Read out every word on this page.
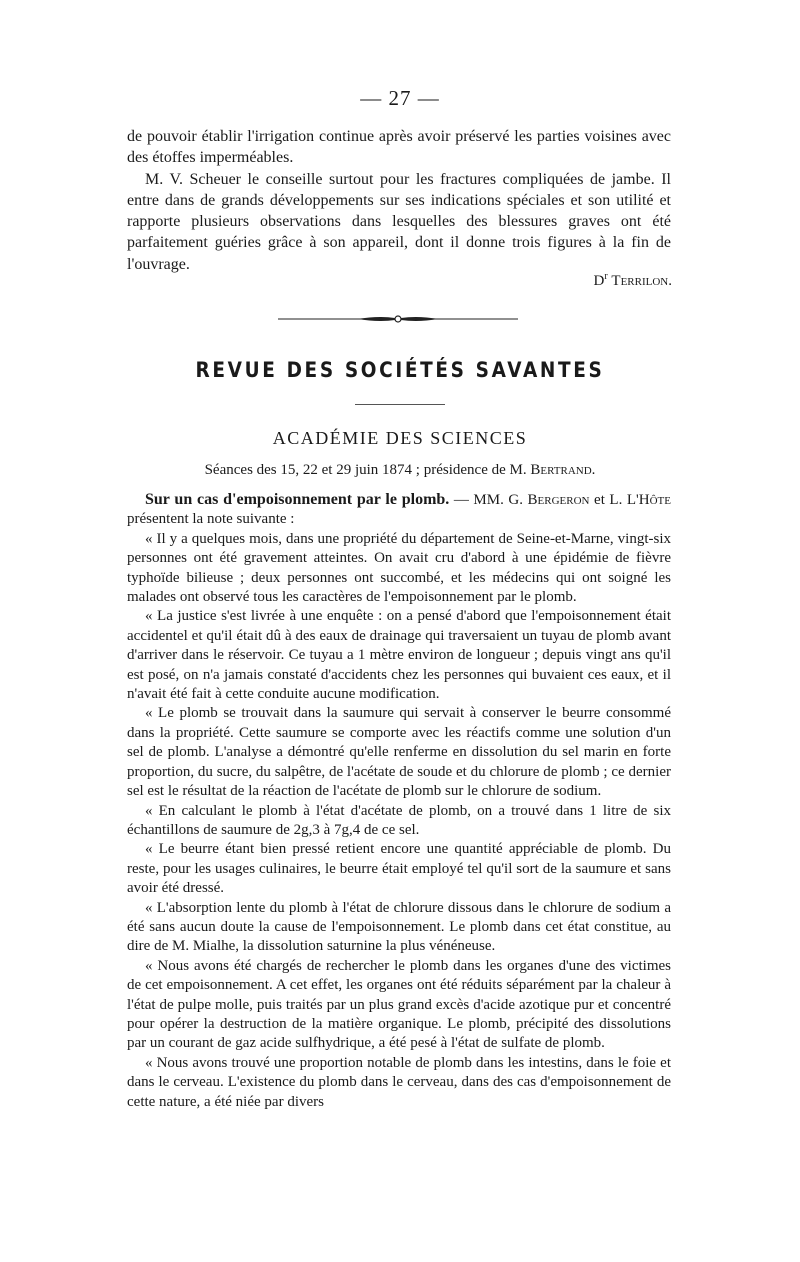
— 27 —

de pouvoir établir l'irrigation continue après avoir préservé les parties voisines avec des étoffes imperméables.

M. V. Scheuer le conseille surtout pour les fractures compliquées de jambe. Il entre dans de grands développements sur ses indications spéciales et son utilité et rapporte plusieurs observations dans lesquelles des blessures graves ont été parfaitement guéries grâce à son appareil, dont il donne trois figures à la fin de l'ouvrage.

$D^r$ Terrilon.
REVUE DES SOCIÉTÉS SAVANTES
ACADÉMIE DES SCIENCES
Séances des 15, 22 et 29 juin 1874 ; présidence de M. Bertrand.

Sur un cas d'empoisonnement par le plomb. — MM. G. Bergeron et L. L'Hôte présentent la note suivante :

« Il y a quelques mois, dans une propriété du département de Seine-et-Marne, vingt-six personnes ont été gravement atteintes. On avait cru d'abord à une épidémie de fièvre typhoïde bilieuse ; deux personnes ont succombé, et les médecins qui ont soigné les malades ont observé tous les caractères de l'empoisonnement par le plomb.

« La justice s'est livrée à une enquête : on a pensé d'abord que l'empoisonnement était accidentel et qu'il était dû à des eaux de drainage qui traversaient un tuyau de plomb avant d'arriver dans le réservoir. Ce tuyau a 1 mètre environ de longueur ; depuis vingt ans qu'il est posé, on n'a jamais constaté d'accidents chez les personnes qui buvaient ces eaux, et il n'avait été fait à cette conduite aucune modification.

« Le plomb se trouvait dans la saumure qui servait à conserver le beurre consommé dans la propriété. Cette saumure se comporte avec les réactifs comme une solution d'un sel de plomb. L'analyse a démontré qu'elle renferme en dissolution du sel marin en forte proportion, du sucre, du salpêtre, de l'acétate de soude et du chlorure de plomb ; ce dernier sel est le résultat de la réaction de l'acétate de plomb sur le chlorure de sodium.

« En calculant le plomb à l'état d'acétate de plomb, on a trouvé dans 1 litre de six échantillons de saumure de 2g,3 à 7g,4 de ce sel.

« Le beurre étant bien pressé retient encore une quantité appréciable de plomb. Du reste, pour les usages culinaires, le beurre était employé tel qu'il sort de la saumure et sans avoir été dressé.

« L'absorption lente du plomb à l'état de chlorure dissous dans le chlorure de sodium a été sans aucun doute la cause de l'empoisonnement. Le plomb dans cet état constitue, au dire de M. Mialhe, la dissolution saturnine la plus vénéneuse.

« Nous avons été chargés de rechercher le plomb dans les organes d'une des victimes de cet empoisonnement. A cet effet, les organes ont été réduits séparément par la chaleur à l'état de pulpe molle, puis traités par un plus grand excès d'acide azotique pur et concentré pour opérer la destruction de la matière organique. Le plomb, précipité des dissolutions par un courant de gaz acide sulfhydrique, a été pesé à l'état de sulfate de plomb.

« Nous avons trouvé une proportion notable de plomb dans les intestins, dans le foie et dans le cerveau. L'existence du plomb dans le cerveau, dans des cas d'empoisonnement de cette nature, a été niée par divers
